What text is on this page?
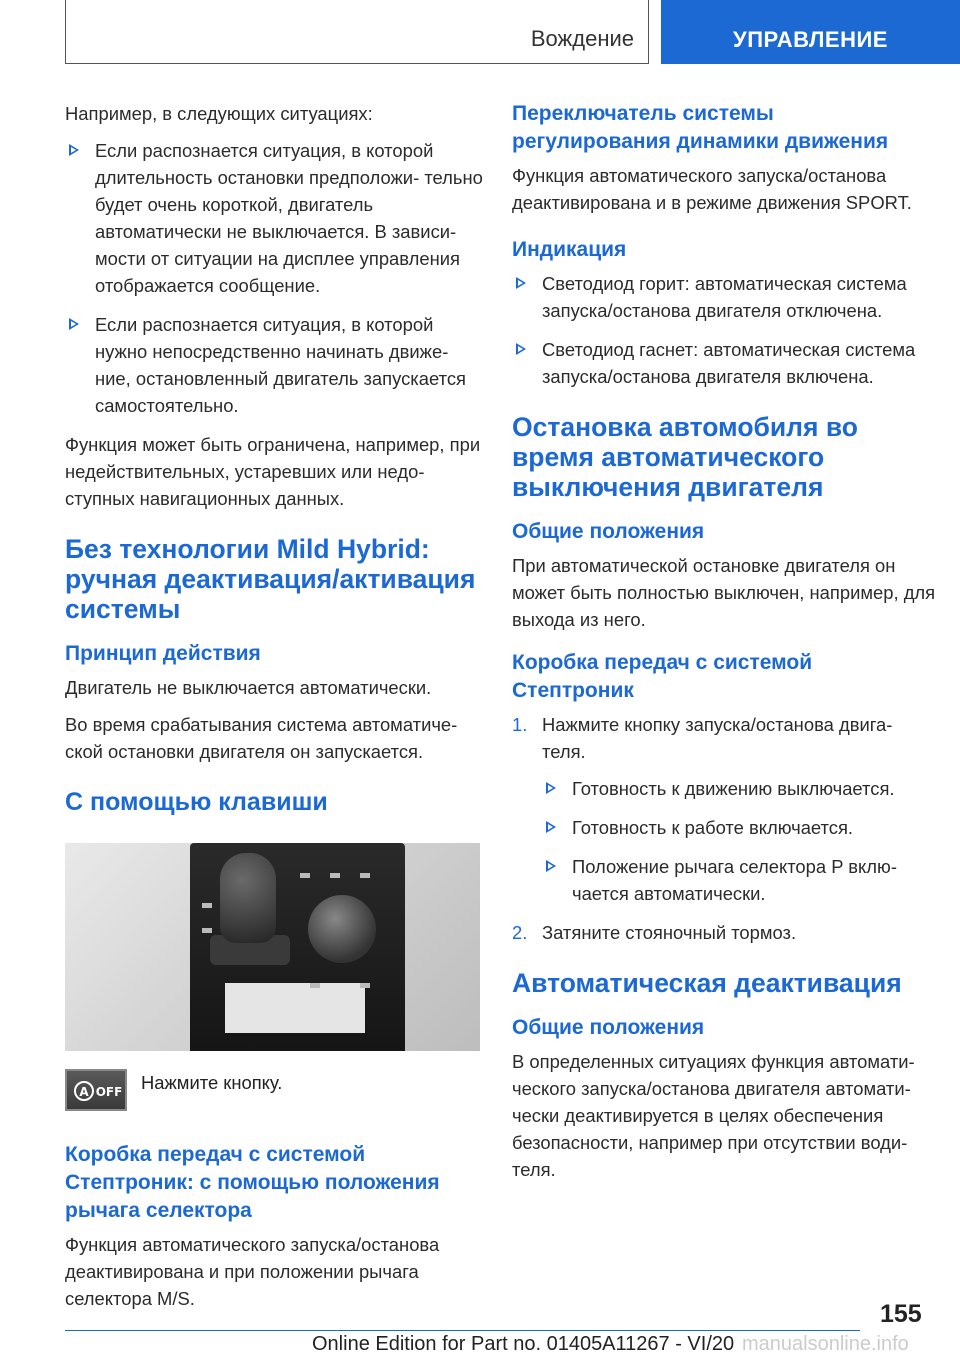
Вождение	УПРАВЛЕНИЕ

Например, в следующих ситуациях:

Если распознается ситуация, в которой длительность остановки предположи- тельно будет очень короткой, двигатель автоматически не выключается. В зависи- мости от ситуации на дисплее управления отображается сообщение.
Если распознается ситуация, в которой нужно непосредственно начинать движе- ние, остановленный двигатель запускается самостоятельно.

Функция может быть ограничена, например, при недействительных, устаревших или недо- ступных навигационных данных.

Без технологии Mild Hybrid: ручная деактивация/активация системы
Принцип действия

Двигатель не выключается автоматически.

Во время срабатывания система автоматиче- ской остановки двигателя он запускается.

С помощью клавиши
A OFF Нажмите кнопку.
Коробка передач с системой Стептроник: с помощью положения рычага селектора

Функция автоматического запуска/останова деактивирована и при положении рычага селектора M/S.

Переключатель системы регулирования динамики движения

Функция автоматического запуска/останова деактивирована и в режиме движения SPORT.

Индикация
Светодиод горит: автоматическая система запуска/останова двигателя отключена.
Светодиод гаснет: автоматическая система запуска/останова двигателя включена.
Остановка автомобиля во время автоматического выключения двигателя
Общие положения

При автоматической остановке двигателя он может быть полностью выключен, например, для выхода из него.

Коробка передач с системой Стептроник
1. Нажмите кнопку запуска/останова двига- теля.
Готовность к движению выключается.
Готовность к работе включается.
Положение рычага селектора P вклю- чается автоматически.
2. Затяните стояночный тормоз.
Автоматическая деактивация
Общие положения

В определенных ситуациях функция автомати- ческого запуска/останова двигателя автомати- чески деактивируется в целях обеспечения безопасности, например при отсутствии води- теля.

155
Online Edition for Part no. 01405A11267 - VI/20 manualsonline.info
